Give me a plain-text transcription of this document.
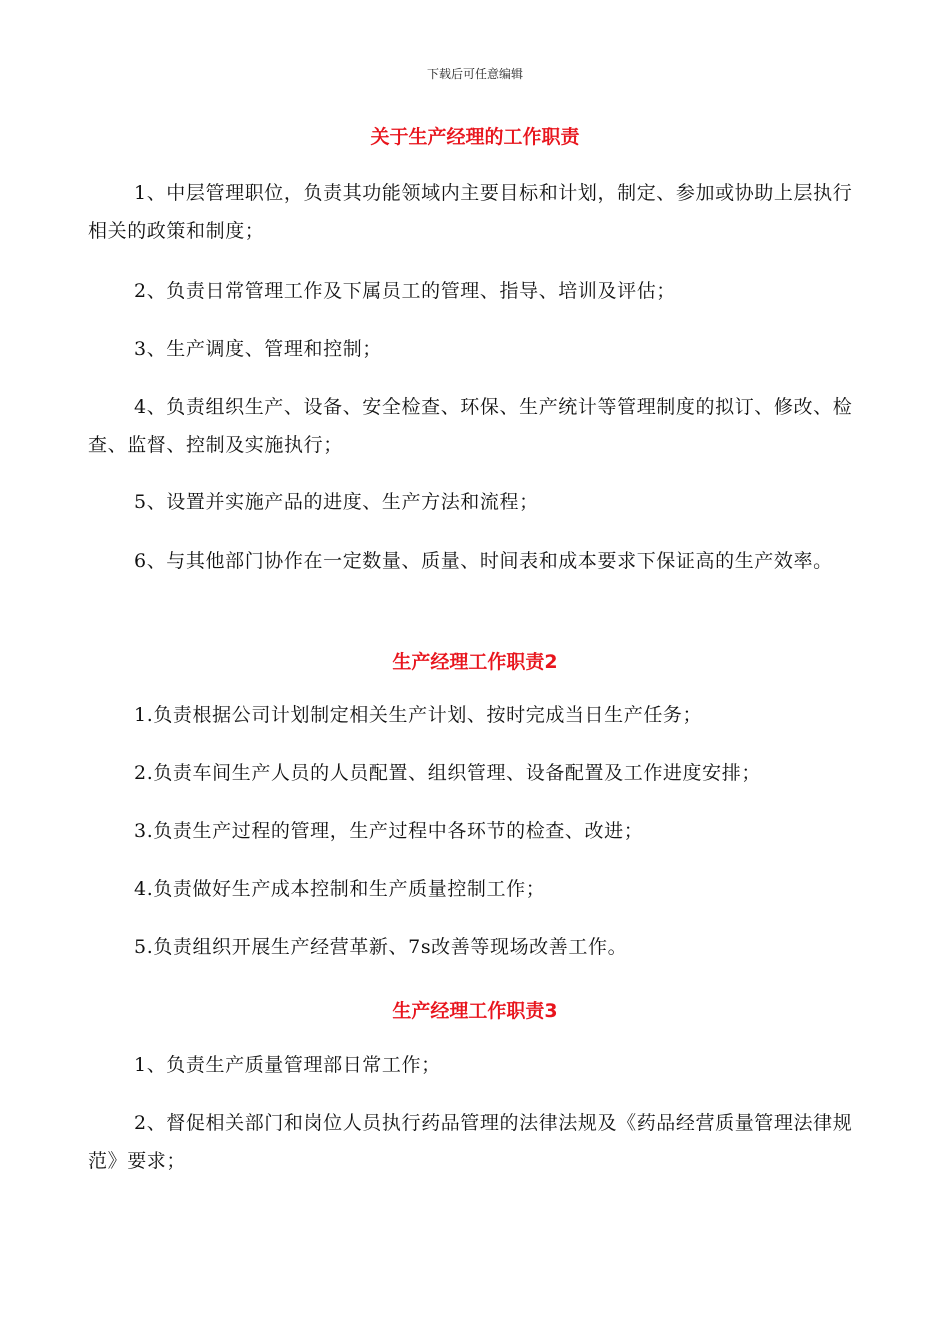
下载后可任意编辑
关于生产经理的工作职责
1、中层管理职位，负责其功能领域内主要目标和计划，制定、参加或协助上层执行相关的政策和制度；
2、负责日常管理工作及下属员工的管理、指导、培训及评估；
3、生产调度、管理和控制；
4、负责组织生产、设备、安全检查、环保、生产统计等管理制度的拟订、修改、检查、监督、控制及实施执行；
5、设置并实施产品的进度、生产方法和流程；
6、与其他部门协作在一定数量、质量、时间表和成本要求下保证高的生产效率。
生产经理工作职责2
1.负责根据公司计划制定相关生产计划、按时完成当日生产任务；
2.负责车间生产人员的人员配置、组织管理、设备配置及工作进度安排；
3.负责生产过程的管理，生产过程中各环节的检查、改进；
4.负责做好生产成本控制和生产质量控制工作；
5.负责组织开展生产经营革新、7s改善等现场改善工作。
生产经理工作职责3
1、负责生产质量管理部日常工作；
2、督促相关部门和岗位人员执行药品管理的法律法规及《药品经营质量管理法律规范》要求；
